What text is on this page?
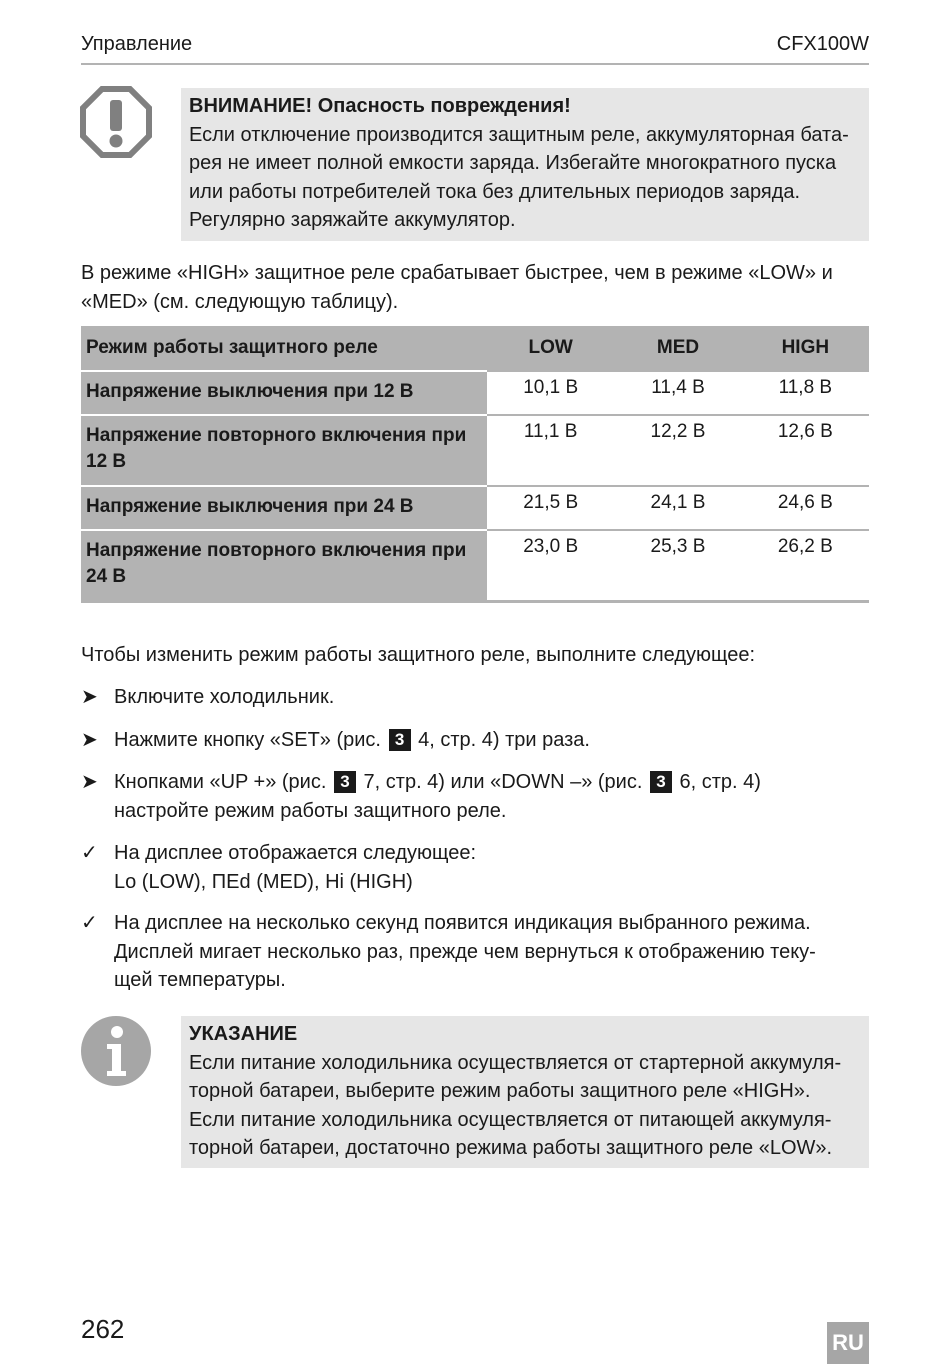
Управление	CFX100W
ВНИМАНИЕ! Опасность повреждения!

Если отключение производится защитным реле, аккумуляторная бата-

рея не имеет полной емкости заряда. Избегайте многократного пуска

или работы потребителей тока без длительных периодов заряда.

Регулярно заряжайте аккумулятор.

В режиме «HIGH» защитное реле срабатывает быстрее, чем в режиме «LOW» и
«MED» (см. следующую таблицу).
Режим работы защитного реле	LOW	MED	HIGH
Напряжение выключения при 12 В	10,1 В	11,4 В	11,8 В
Напряжение повторного включения при
12 В	11,1 В	12,2 В	12,6 В
Напряжение выключения при 24 В	21,5 В	24,1 В	24,6 В
Напряжение повторного включения при
24 В	23,0 В	25,3 В	26,2 В
Чтобы изменить режим работы защитного реле, выполните следующее:
➤ Включите холодильник.
➤ Нажмите кнопку «SET» (рис. 3 4, стр. 4) три раза.
➤ Кнопками «UP +» (рис. 3 7, стр. 4) или «DOWN –» (рис. 3 6, стр. 4)
настройте режим работы защитного реле.
✓ На дисплее отображается следующее:
Lo (LOW), ПEd (MED), Hi (HIGH)
✓ На дисплее на несколько секунд появится индикация выбранного режима.
Дисплей мигает несколько раз, прежде чем вернуться к отображению теку-
щей температуры.
УКАЗАНИЕ

Если питание холодильника осуществляется от стартерной аккумуля-

торной батареи, выберите режим работы защитного реле «HIGH».

Если питание холодильника осуществляется от питающей аккумуля-

торной батареи, достаточно режима работы защитного реле «LOW».

262	RU
